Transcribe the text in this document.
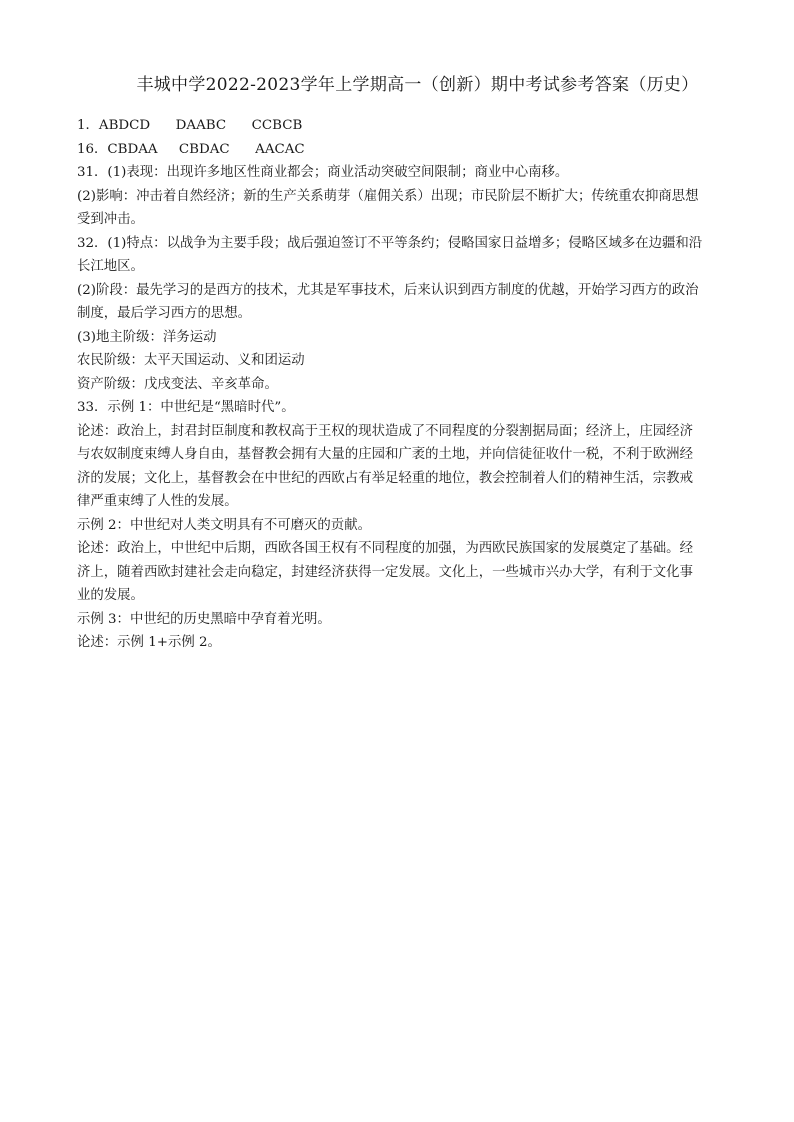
丰城中学2022-2023学年上学期高一（创新）期中考试参考答案（历史）
1．ABDCD      DAABC      CCBCB
16．CBDAA     CBDAC      AACAC
31．(1)表现：出现许多地区性商业都会；商业活动突破空间限制；商业中心南移。
(2)影响：冲击着自然经济；新的生产关系萌芽（雇佣关系）出现；市民阶层不断扩大；传统重农抑商思想
受到冲击。
32．(1)特点：以战争为主要手段；战后强迫签订不平等条约；侵略国家日益增多；侵略区域多在边疆和沿
长江地区。
(2)阶段：最先学习的是西方的技术，尤其是军事技术，后来认识到西方制度的优越，开始学习西方的政治
制度，最后学习西方的思想。
(3)地主阶级：洋务运动
农民阶级：太平天国运动、义和团运动
资产阶级：戊戌变法、辛亥革命。
33．示例 1：中世纪是“黑暗时代”。
论述：政治上，封君封臣制度和教权高于王权的现状造成了不同程度的分裂割据局面；经济上，庄园经济
与农奴制度束缚人身自由，基督教会拥有大量的庄园和广袤的土地，并向信徒征收什一税，不利于欧洲经
济的发展；文化上，基督教会在中世纪的西欧占有举足轻重的地位，教会控制着人们的精神生活，宗教戒
律严重束缚了人性的发展。
示例 2：中世纪对人类文明具有不可磨灭的贡献。
论述：政治上，中世纪中后期，西欧各国王权有不同程度的加强，为西欧民族国家的发展奠定了基础。经
济上，随着西欧封建社会走向稳定，封建经济获得一定发展。文化上，一些城市兴办大学，有利于文化事
业的发展。
示例 3：中世纪的历史黑暗中孕育着光明。
论述：示例 1+示例 2。
